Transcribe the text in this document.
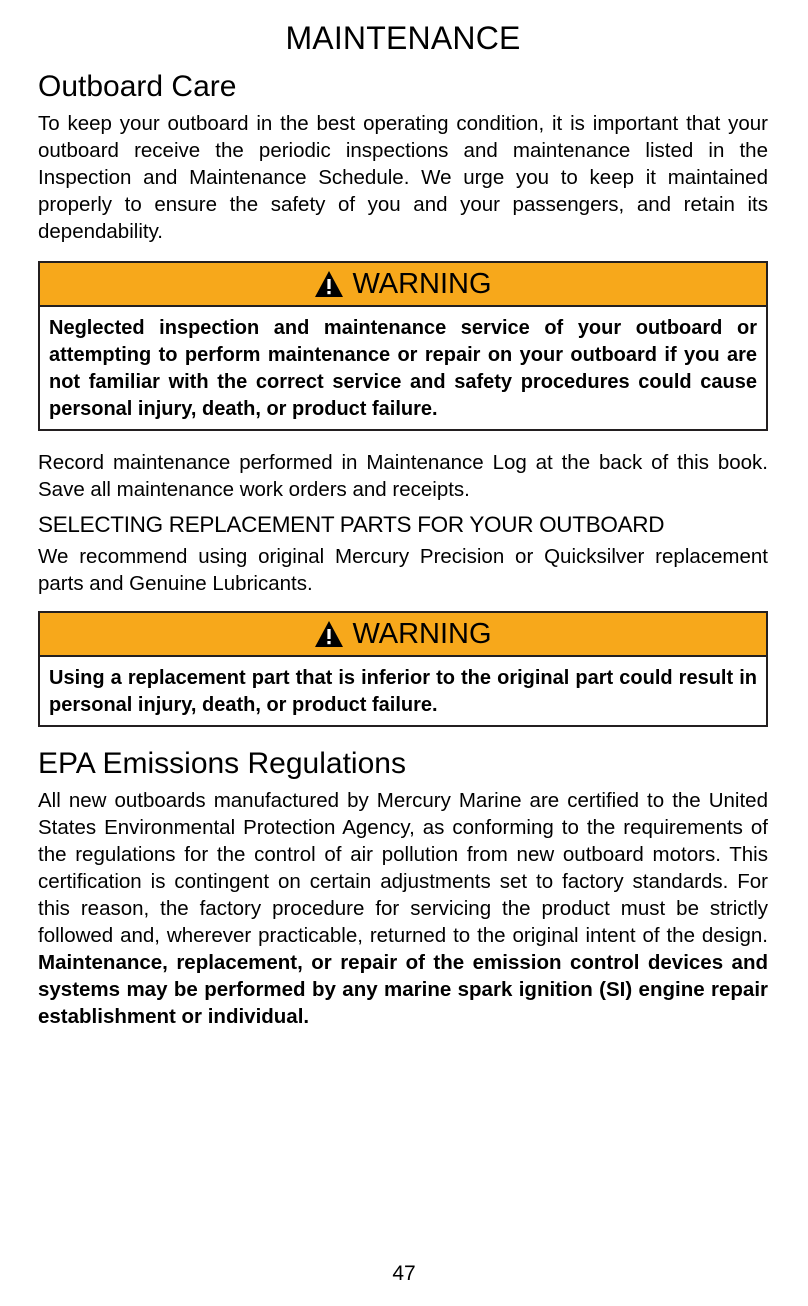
MAINTENANCE
Outboard Care

To keep your outboard in the best operating condition, it is important that your outboard receive the periodic inspections and maintenance listed in the Inspection and Maintenance Schedule. We urge you to keep it maintained properly to ensure the safety of you and your passengers, and retain its dependability.

WARNING
Neglected inspection and maintenance service of your outboard or attempting to perform maintenance or repair on your outboard if you are not familiar with the correct service and safety procedures could cause personal injury, death, or product failure.

Record maintenance performed in Maintenance Log at the back of this book. Save all maintenance work orders and receipts.

SELECTING REPLACEMENT PARTS FOR YOUR OUTBOARD

We recommend using original Mercury Precision or Quicksilver replacement parts and Genuine Lubricants.

WARNING
Using a replacement part that is inferior to the original part could result in personal injury, death, or product failure.
EPA Emissions Regulations

All new outboards manufactured by Mercury Marine are certified to the United States Environmental Protection Agency, as conforming to the requirements of the regulations for the control of air pollution from new outboard motors. This certification is contingent on certain adjustments set to factory standards. For this reason, the factory procedure for servicing the product must be strictly followed and, wherever practicable, returned to the original intent of the design. Maintenance, replacement, or repair of the emission control devices and systems may be performed by any marine spark ignition (SI) engine repair establishment or individual.

47
